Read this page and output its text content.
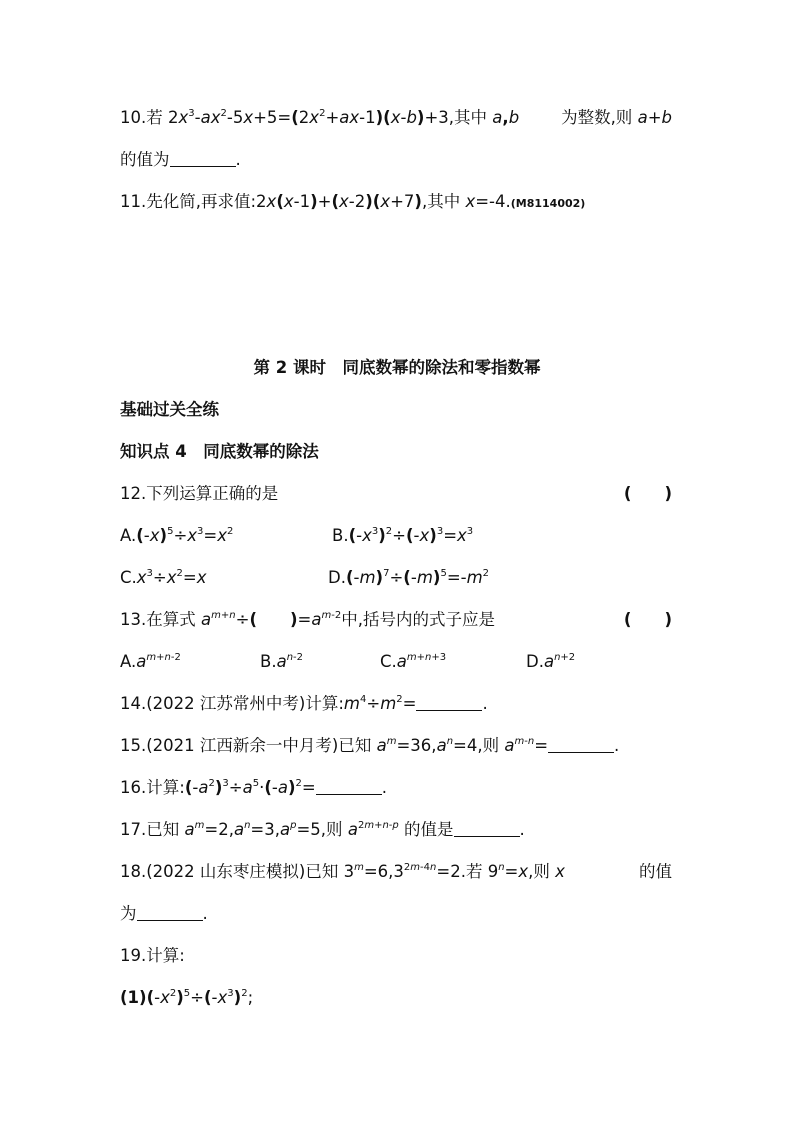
10.若 $2x^3-ax^2-5x+5=(2x^2+ax-1)(x-b)+3$,其中 a,b	为整数,则 a+b
的值为	.
11.先化简,再求值:2x(x-1)+(x-2)(x+7),其中 x=-4.(M8114002)
第 2 课时　同底数幂的除法和零指数幂
基础过关全练
知识点 4　同底数幂的除法
12.下列运算正确的是	(　　)
$A.(-x)^5\div x^3=x^2$	$B.(-x^3)^2\div(-x)^3=x^3$
$C.x^3\div x^2=x$	$D.(-m)^7\div(-m)^5=-m^2$
13.在算式 $a^{m+n}\div$(　　 )$=a^{m-2}$中,括号内的式子应是	(　　)
$A.a^{m+n-2}$	$B.a^{n-2}$	$C.a^{m+n+3}$	$D.a^{n+2}$
14.(2022 江苏常州中考)计算$:m^4\div m^2=$	.
15.(2021 江西新余一中月考)已知 $a^m=36,a^n=4$,则 $a^{m-n}=$	.
16.计算$:(-a^2)^3\div a^5\cdot(-a)^2=$	.
17.已知 $a^m=2,a^n=3,a^p=5$,则 $a^{2m+n-p}$ 的值是	.
18.(2022 山东枣庄模拟)已知 $3^m=6,3^{2m-4n}=2$.若 $9^n=x$,则 x	的值
为	.
19.计算:
$(1)(-x^2)^5\div(-x^3)^2$;
